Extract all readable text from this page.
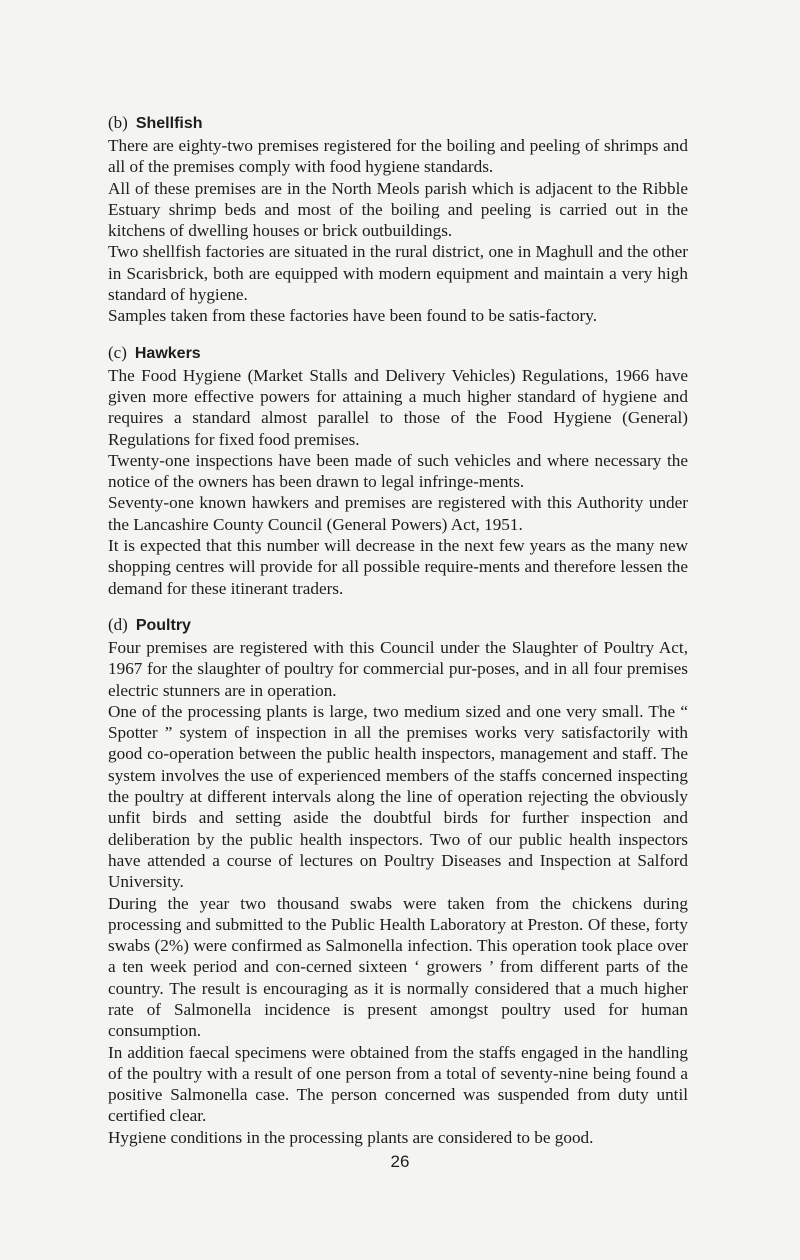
(b) Shellfish

There are eighty-two premises registered for the boiling and peeling of shrimps and all of the premises comply with food hygiene standards.

All of these premises are in the North Meols parish which is adjacent to the Ribble Estuary shrimp beds and most of the boiling and peeling is carried out in the kitchens of dwelling houses or brick outbuildings.

Two shellfish factories are situated in the rural district, one in Maghull and the other in Scarisbrick, both are equipped with modern equipment and maintain a very high standard of hygiene.

Samples taken from these factories have been found to be satis-factory.

(c) Hawkers

The Food Hygiene (Market Stalls and Delivery Vehicles) Regulations, 1966 have given more effective powers for attaining a much higher standard of hygiene and requires a standard almost parallel to those of the Food Hygiene (General) Regulations for fixed food premises.

Twenty-one inspections have been made of such vehicles and where necessary the notice of the owners has been drawn to legal infringe-ments.

Seventy-one known hawkers and premises are registered with this Authority under the Lancashire County Council (General Powers) Act, 1951.

It is expected that this number will decrease in the next few years as the many new shopping centres will provide for all possible require-ments and therefore lessen the demand for these itinerant traders.

(d) Poultry

Four premises are registered with this Council under the Slaughter of Poultry Act, 1967 for the slaughter of poultry for commercial pur-poses, and in all four premises electric stunners are in operation.

One of the processing plants is large, two medium sized and one very small. The “ Spotter ” system of inspection in all the premises works very satisfactorily with good co-operation between the public health inspectors, management and staff. The system involves the use of experienced members of the staffs concerned inspecting the poultry at different intervals along the line of operation rejecting the obviously unfit birds and setting aside the doubtful birds for further inspection and deliberation by the public health inspectors. Two of our public health inspectors have attended a course of lectures on Poultry Diseases and Inspection at Salford University.

During the year two thousand swabs were taken from the chickens during processing and submitted to the Public Health Laboratory at Preston. Of these, forty swabs (2%) were confirmed as Salmonella infection. This operation took place over a ten week period and con-cerned sixteen ‘ growers ’ from different parts of the country. The result is encouraging as it is normally considered that a much higher rate of Salmonella incidence is present amongst poultry used for human consumption.

In addition faecal specimens were obtained from the staffs engaged in the handling of the poultry with a result of one person from a total of seventy-nine being found a positive Salmonella case. The person concerned was suspended from duty until certified clear.

Hygiene conditions in the processing plants are considered to be good.

26
